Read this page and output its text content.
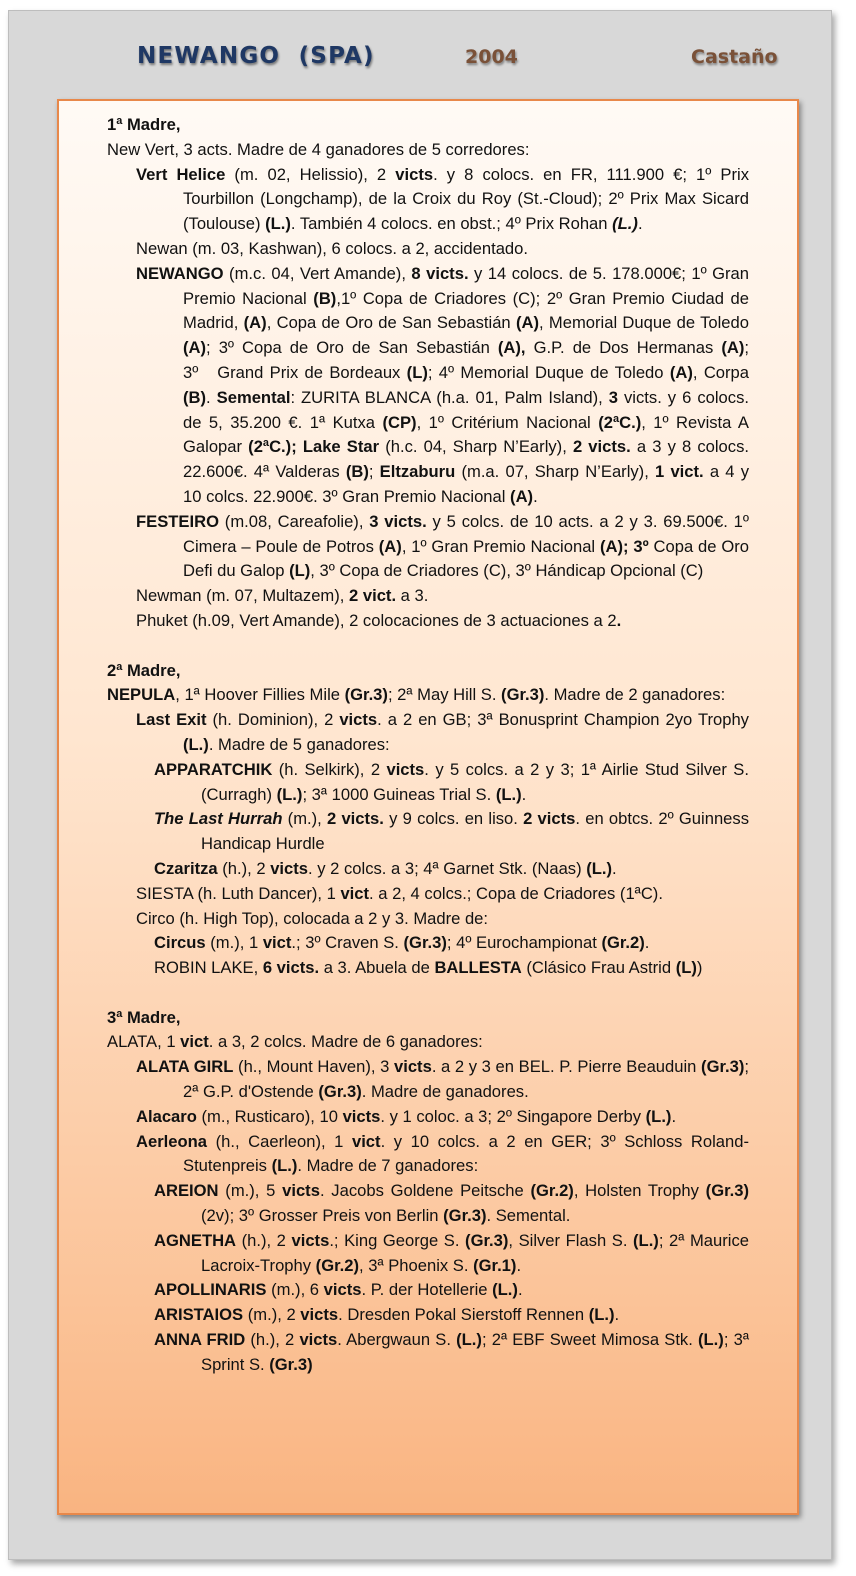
NEWANGO  (SPA)	2004	Castaño

1ª Madre,

New Vert, 3 acts. Madre de 4 ganadores de 5 corredores:

Vert Helice (m. 02, Helissio), 2 victs. y 8 colocs. en FR, 111.900 €; 1º Prix Tourbillon (Longchamp), de la Croix du Roy (St.-Cloud); 2º Prix Max Sicard (Toulouse) (L.). También 4 colocs. en obst.; 4º Prix Rohan (L.).

Newan (m. 03, Kashwan), 6 colocs. a 2, accidentado.

NEWANGO (m.c. 04, Vert Amande), 8 victs. y 14 colocs. de 5. 178.000€; 1º Gran Premio Nacional (B),1º Copa de Criadores (C); 2º Gran Premio Ciudad de Madrid, (A), Copa de Oro de San Sebastián (A), Memorial Duque de Toledo (A); 3º Copa de Oro de San Sebastián (A), G.P. de Dos Hermanas (A); 3º   Grand Prix de Bordeaux (L); 4º Memorial Duque de Toledo (A), Corpa (B). Semental: ZURITA BLANCA (h.a. 01, Palm Island), 3 victs. y 6 colocs. de 5, 35.200 €. 1ª Kutxa (CP), 1º Critérium Nacional (2ªC.), 1º Revista A Galopar (2ªC.); Lake Star (h.c. 04, Sharp N’Early), 2 victs. a 3 y 8 colocs. 22.600€. 4ª Valderas (B); Eltzaburu (m.a. 07, Sharp N’Early), 1 vict. a 4 y 10 colcs. 22.900€. 3º Gran Premio Nacional (A).

FESTEIRO (m.08, Careafolie), 3 victs. y 5 colcs. de 10 acts. a 2 y 3. 69.500€. 1º Cimera – Poule de Potros (A), 1º Gran Premio Nacional (A); 3º Copa de Oro Defi du Galop (L), 3º Copa de Criadores (C), 3º Hándicap Opcional (C)

Newman (m. 07, Multazem), 2 vict. a 3.

Phuket (h.09, Vert Amande), 2 colocaciones de 3 actuaciones a 2.

2ª Madre,

NEPULA, 1ª Hoover Fillies Mile (Gr.3); 2ª May Hill S. (Gr.3). Madre de 2 ganadores:

Last Exit (h. Dominion), 2 victs. a 2 en GB; 3ª Bonusprint Champion 2yo Trophy (L.). Madre de 5 ganadores:

APPARATCHIK (h. Selkirk), 2 victs. y 5 colcs. a 2 y 3; 1ª Airlie Stud Silver S. (Curragh) (L.); 3ª 1000 Guineas Trial S. (L.).

The Last Hurrah (m.), 2 victs. y 9 colcs. en liso. 2 victs. en obtcs. 2º Guinness Handicap Hurdle

Czaritza (h.), 2 victs. y 2 colcs. a 3; 4ª Garnet Stk. (Naas) (L.).

SIESTA (h. Luth Dancer), 1 vict. a 2, 4 colcs.; Copa de Criadores (1ªC).

Circo (h. High Top), colocada a 2 y 3. Madre de:

Circus (m.), 1 vict.; 3º Craven S. (Gr.3); 4º Eurochampionat (Gr.2).

ROBIN LAKE, 6 victs. a 3. Abuela de BALLESTA (Clásico Frau Astrid (L))

3ª Madre,

ALATA, 1 vict. a 3, 2 colcs. Madre de 6 ganadores:

ALATA GIRL (h., Mount Haven), 3 victs. a 2 y 3 en BEL. P. Pierre Beauduin (Gr.3); 2ª G.P. d'Ostende (Gr.3). Madre de ganadores.

Alacaro (m., Rusticaro), 10 victs. y 1 coloc. a 3; 2º Singapore Derby (L.).

Aerleona (h., Caerleon), 1 vict. y 10 colcs. a 2 en GER; 3º Schloss Roland-Stutenpreis (L.). Madre de 7 ganadores:

AREION (m.), 5 victs. Jacobs Goldene Peitsche (Gr.2), Holsten Trophy (Gr.3) (2v); 3º Grosser Preis von Berlin (Gr.3). Semental.

AGNETHA (h.), 2 victs.; King George S. (Gr.3), Silver Flash S. (L.); 2ª Maurice Lacroix-Trophy (Gr.2), 3ª Phoenix S. (Gr.1).

APOLLINARIS (m.), 6 victs. P. der Hotellerie (L.).

ARISTAIOS (m.), 2 victs. Dresden Pokal Sierstoff Rennen (L.).

ANNA FRID (h.), 2 victs. Abergwaun S. (L.); 2ª EBF Sweet Mimosa Stk. (L.); 3ª Sprint S. (Gr.3)
